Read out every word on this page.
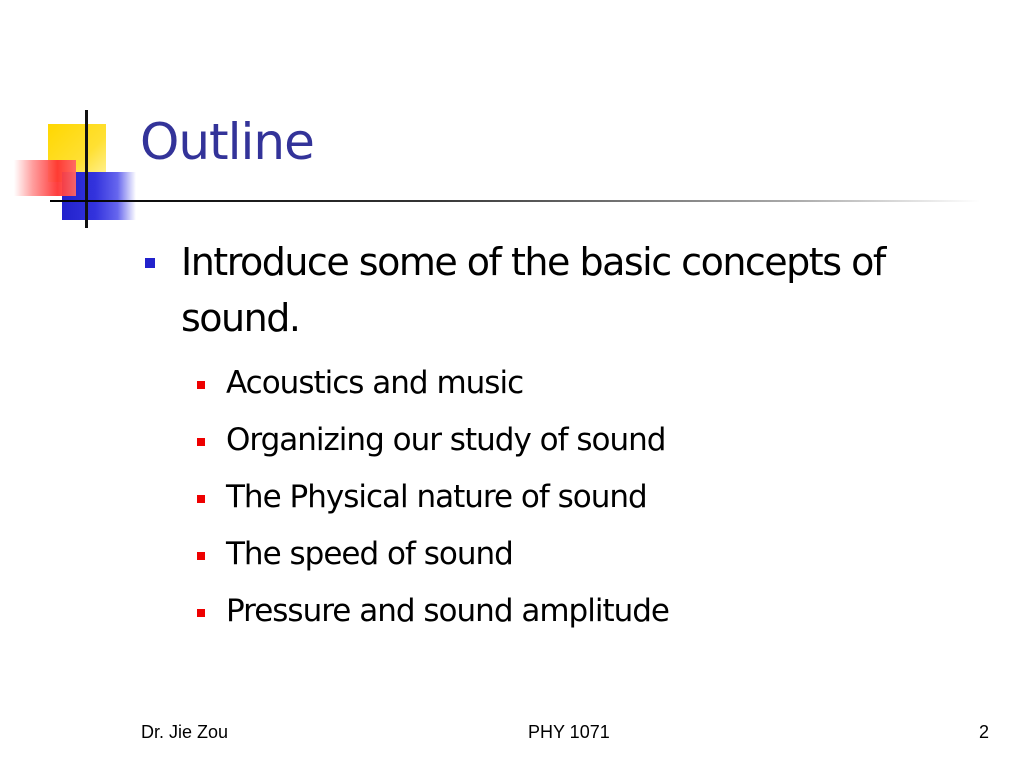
Outline
Introduce some of the basic concepts of sound.
Acoustics and music
Organizing our study of sound
The Physical nature of sound
The speed of sound
Pressure and sound amplitude
Dr. Jie Zou	PHY 1071	2
